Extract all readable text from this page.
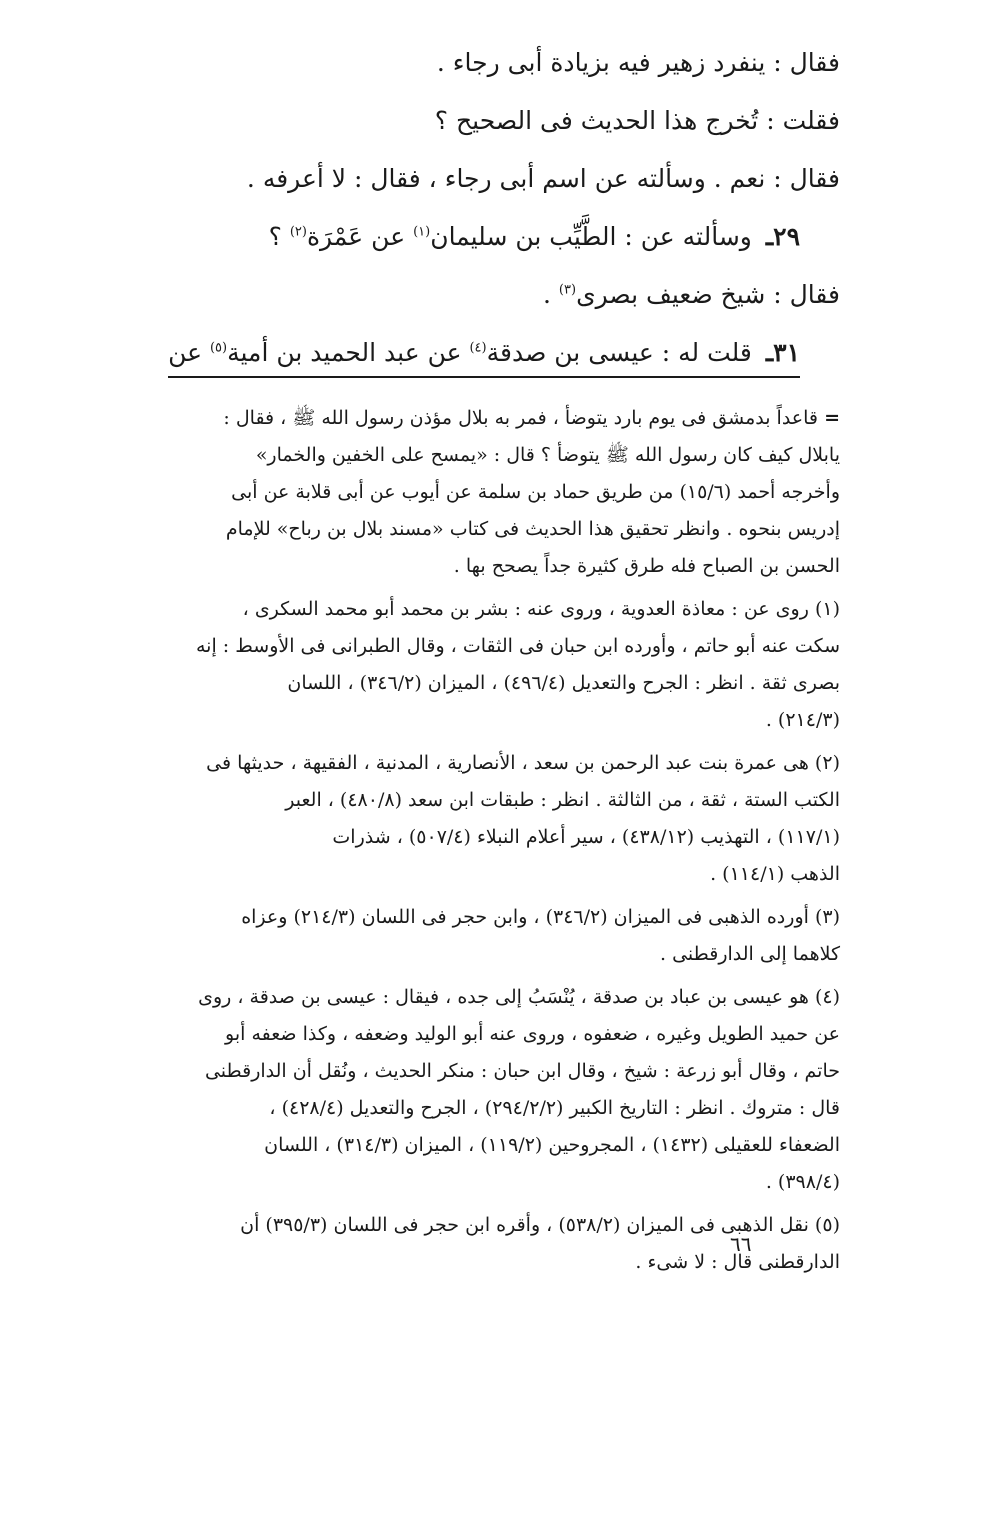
فقال : ينفرد زهير فيه بزيادة أبى رجاء .
فقلت : تُخرج هذا الحديث فى الصحيح ؟
فقال : نعم . وسألته عن اسم أبى رجاء ، فقال : لا أعرفه .
٢٩ـ وسألته عن : الطَّيِّب بن سليمان$^{(١)}$ عن عَمْرَة$^{(٢)}$ ؟
فقال : شيخ ضعيف بصرى$^{(٣)}$ .
٣١ـ قلت له : عيسى بن صدقة$^{(٤)}$ عن عبد الحميد بن أمية$^{(٥)}$ عن
= قاعداً بدمشق فى يوم بارد يتوضأ ، فمر به بلال مؤذن رسول الله ﷺ ، فقال :
يابلال كيف كان رسول الله ﷺ يتوضأ ؟ قال : «يمسح على الخفين والخمار»
وأخرجه أحمد (١٥/٦) من طريق حماد بن سلمة عن أيوب عن أبى قلابة عن أبى
إدريس بنحوه . وانظر تحقيق هذا الحديث فى كتاب «مسند بلال بن رباح» للإمام
الحسن بن الصباح فله طرق كثيرة جداً يصحح بها .
(١) روى عن : معاذة العدوية ، وروى عنه : بشر بن محمد أبو محمد السكرى ،
سكت عنه أبو حاتم ، وأورده ابن حبان فى الثقات ، وقال الطبرانى فى الأوسط : إنه
بصرى ثقة . انظر : الجرح والتعديل (٤٩٦/٤) ، الميزان (٣٤٦/٢) ، اللسان
(٢١٤/٣) .
(٢) هى عمرة بنت عبد الرحمن بن سعد ، الأنصارية ، المدنية ، الفقيهة ، حديثها فى
الكتب الستة ، ثقة ، من الثالثة . انظر : طبقات ابن سعد (٤٨٠/٨) ، العبر
(١١٧/١) ، التهذيب (٤٣٨/١٢) ، سير أعلام النبلاء (٥٠٧/٤) ، شذرات
الذهب (١١٤/١) .
(٣) أورده الذهبى فى الميزان (٣٤٦/٢) ، وابن حجر فى اللسان (٢١٤/٣) وعزاه
كلاهما إلى الدارقطنى .
(٤) هو عيسى بن عباد بن صدقة ، يُنْسَبُ إلى جده ، فيقال : عيسى بن صدقة ، روى
عن حميد الطويل وغيره ، ضعفوه ، وروى عنه أبو الوليد وضعفه ، وكذا ضعفه أبو
حاتم ، وقال أبو زرعة : شيخ ، وقال ابن حبان : منكر الحديث ، ونُقل أن الدارقطنى
قال : متروك . انظر : التاريخ الكبير (٢٩٤/٢/٢) ، الجرح والتعديل (٤٢٨/٤) ،
الضعفاء للعقيلى (١٤٣٢) ، المجروحين (١١٩/٢) ، الميزان (٣١٤/٣) ، اللسان
(٣٩٨/٤) .
(٥) نقل الذهبى فى الميزان (٥٣٨/٢) ، وأقره ابن حجر فى اللسان (٣٩٥/٣) أن
الدارقطنى قال : لا شىء .
٦٦
